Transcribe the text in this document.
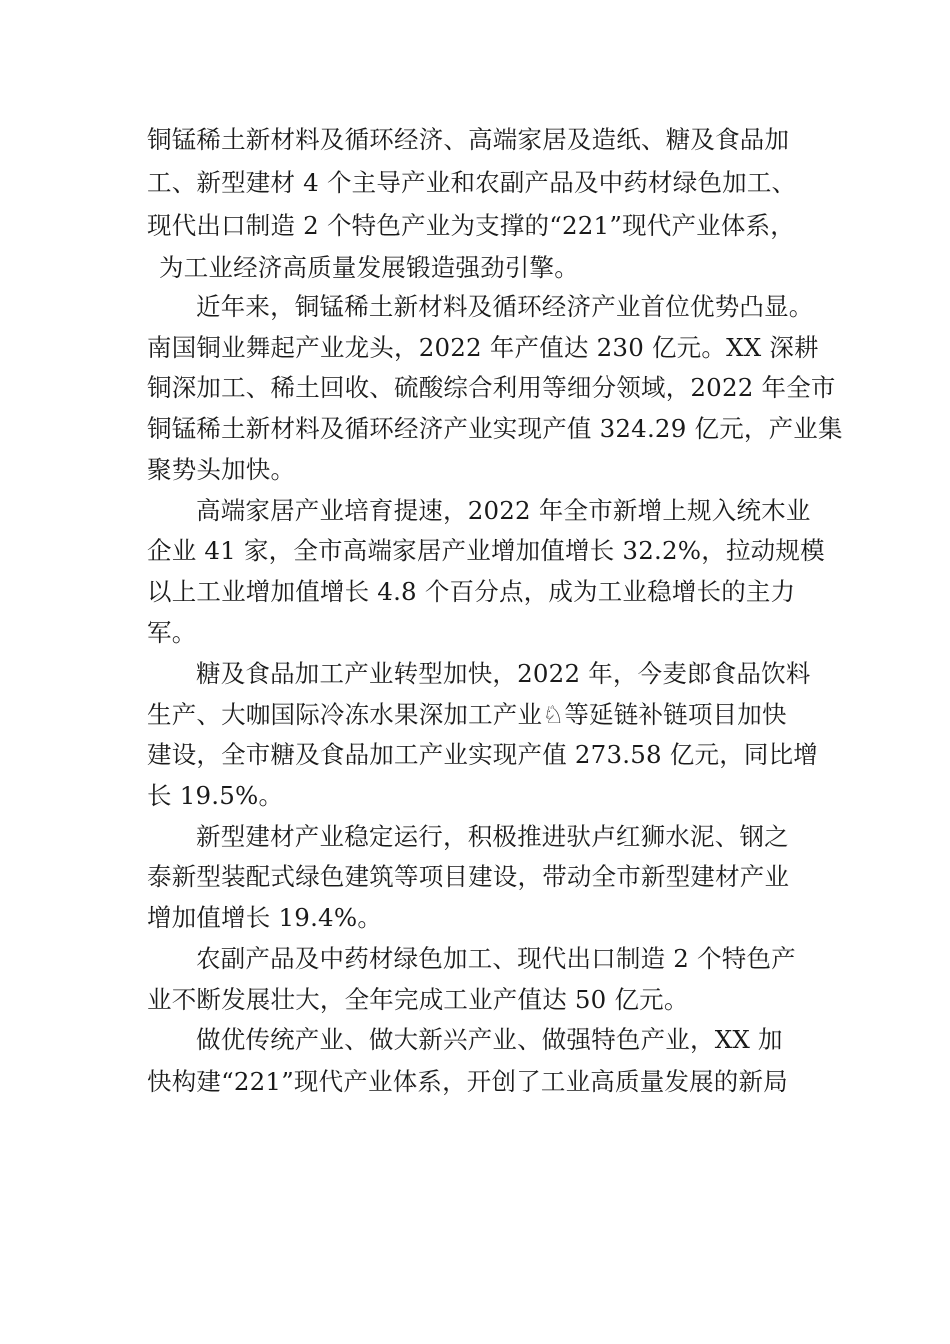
铜锰稀土新材料及循环经济、高端家居及造纸、糖及食品加
工、新型建材 4 个主导产业和农副产品及中药材绿色加工、
现代出口制造 2 个特色产业为支撑的“221”现代产业体系，
为工业经济高质量发展锻造强劲引擎。
近年来，铜锰稀土新材料及循环经济产业首位优势凸显。
南国铜业舞起产业龙头，2022 年产值达 230 亿元。XX 深耕
铜深加工、稀土回收、硫酸综合利用等细分领域，2022 年全市
铜锰稀土新材料及循环经济产业实现产值 324.29 亿元，产业集
聚势头加快。
高端家居产业培育提速，2022 年全市新增上规入统木业
企业 41 家，全市高端家居产业增加值增长 32.2%，拉动规模
以上工业增加值增长 4.8 个百分点，成为工业稳增长的主力
军。
糖及食品加工产业转型加快，2022 年，今麦郎食品饮料
生产、大咖国际冷冻水果深加工产业♘等延链补链项目加快
建设，全市糖及食品加工产业实现产值 273.58 亿元，同比增
长 19.5%。
新型建材产业稳定运行，积极推进驮卢红狮水泥、钢之
泰新型装配式绿色建筑等项目建设，带动全市新型建材产业
增加值增长 19.4%。
农副产品及中药材绿色加工、现代出口制造 2 个特色产
业不断发展壮大，全年完成工业产值达 50 亿元。
做优传统产业、做大新兴产业、做强特色产业，XX 加
快构建“221”现代产业体系，开创了工业高质量发展的新局
